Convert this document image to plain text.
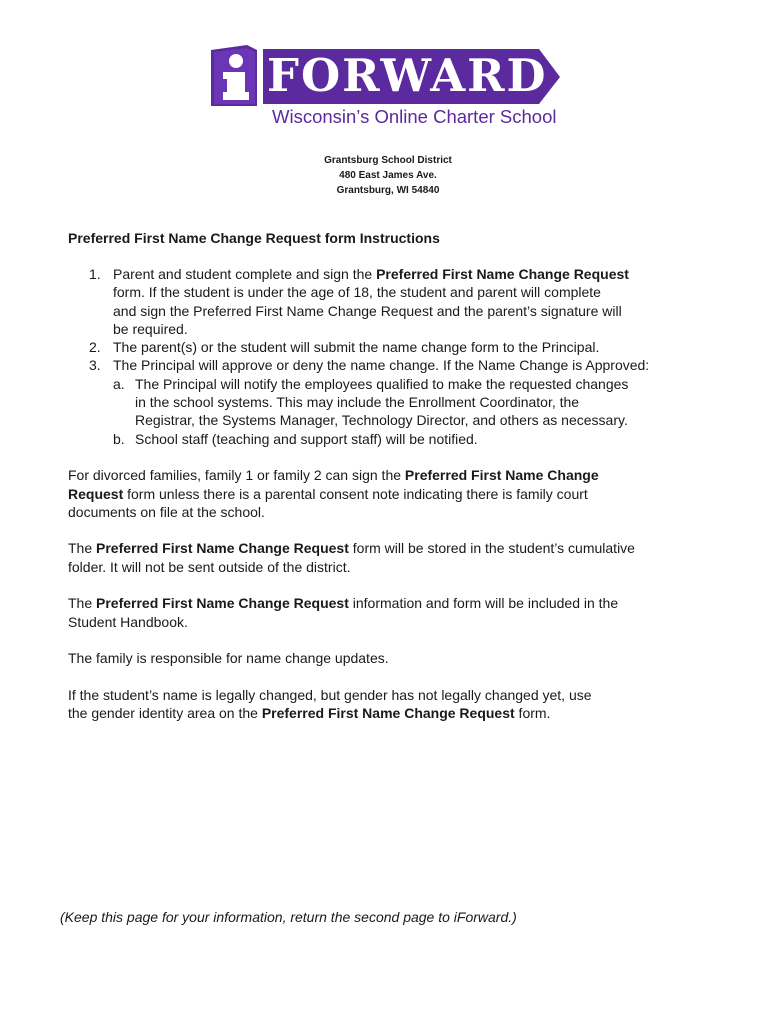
FORWARD
Wisconsin’s Online Charter School
Grantsburg School District
480 East James Ave.
Grantsburg, WI 54840
Preferred First Name Change Request form Instructions
1. Parent and student complete and sign the Preferred First Name Change Request
form. If the student is under the age of 18, the student and parent will complete
and sign the Preferred First Name Change Request and the parent’s signature will
be required.
2. The parent(s) or the student will submit the name change form to the Principal.
3. The Principal will approve or deny the name change. If the Name Change is Approved:
a. The Principal will notify the employees qualified to make the requested changes
in the school systems. This may include the Enrollment Coordinator, the
Registrar, the Systems Manager, Technology Director, and others as necessary.
b. School staff (teaching and support staff) will be notified.
For divorced families, family 1 or family 2 can sign the Preferred First Name Change
Request form unless there is a parental consent note indicating there is family court
documents on file at the school.
The Preferred First Name Change Request form will be stored in the student’s cumulative
folder. It will not be sent outside of the district.
The Preferred First Name Change Request information and form will be included in the
Student Handbook.
The family is responsible for name change updates.
If the student’s name is legally changed, but gender has not legally changed yet, use
the gender identity area on the Preferred First Name Change Request form.
(Keep this page for your information, return the second page to iForward.)
